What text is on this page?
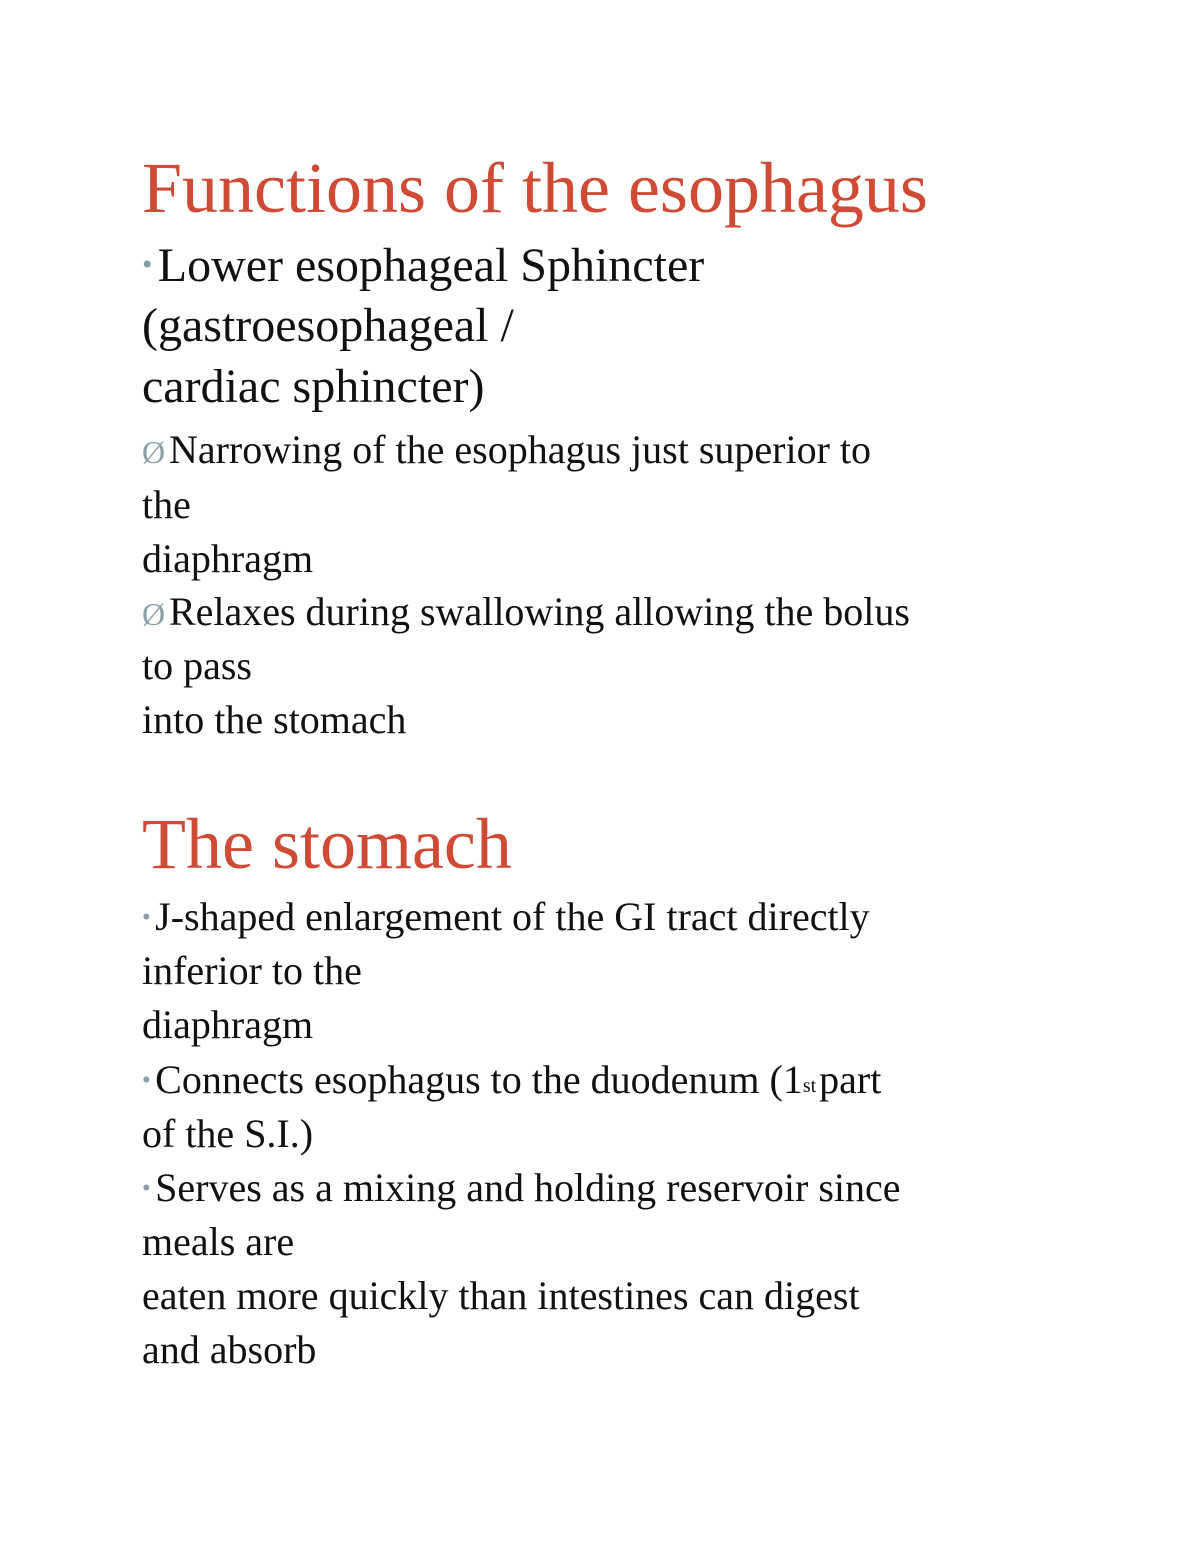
Functions of the esophagus

• Lower esophageal Sphincter

(gastroesophageal /

cardiac sphincter)

ØNarrowing of the esophagus just superior to

the

diaphragm

ØRelaxes during swallowing allowing the bolus

to pass

into the stomach

The stomach

• J-shaped enlargement of the GI tract directly

inferior to the

diaphragm

• Connects esophagus to the duodenum (1stpart

of the S.I.)

• Serves as a mixing and holding reservoir since

meals are

eaten more quickly than intestines can digest

and absorb
